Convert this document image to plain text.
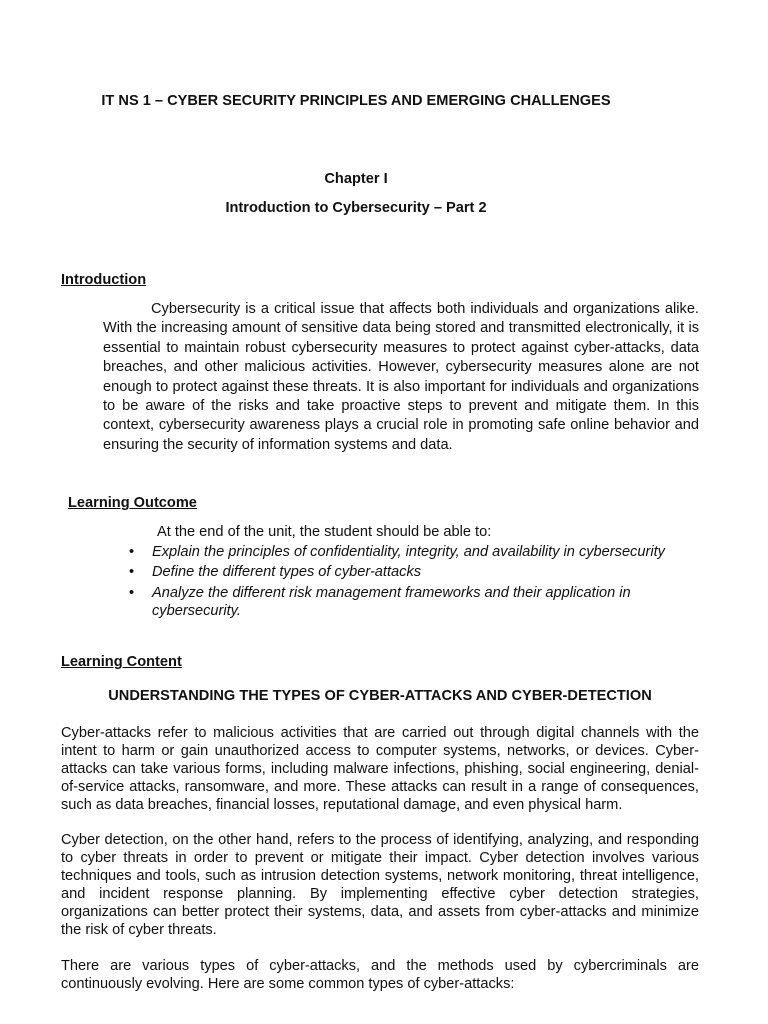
IT NS 1 – CYBER SECURITY PRINCIPLES AND EMERGING CHALLENGES
Chapter I
Introduction to Cybersecurity – Part 2
Introduction

Cybersecurity is a critical issue that affects both individuals and organizations alike. With the increasing amount of sensitive data being stored and transmitted electronically, it is essential to maintain robust cybersecurity measures to protect against cyber-attacks, data breaches, and other malicious activities. However, cybersecurity measures alone are not enough to protect against these threats. It is also important for individuals and organizations to be aware of the risks and take proactive steps to prevent and mitigate them. In this context, cybersecurity awareness plays a crucial role in promoting safe online behavior and ensuring the security of information systems and data.

Learning Outcome

At the end of the unit, the student should be able to:

• Explain the principles of confidentiality, integrity, and availability in cybersecurity
• Define the different types of cyber-attacks
• Analyze the different risk management frameworks and their application in cybersecurity.
Learning Content
UNDERSTANDING THE TYPES OF CYBER-ATTACKS AND CYBER-DETECTION

Cyber-attacks refer to malicious activities that are carried out through digital channels with the intent to harm or gain unauthorized access to computer systems, networks, or devices. Cyber-attacks can take various forms, including malware infections, phishing, social engineering, denial-of-service attacks, ransomware, and more. These attacks can result in a range of consequences, such as data breaches, financial losses, reputational damage, and even physical harm.

Cyber detection, on the other hand, refers to the process of identifying, analyzing, and responding to cyber threats in order to prevent or mitigate their impact. Cyber detection involves various techniques and tools, such as intrusion detection systems, network monitoring, threat intelligence, and incident response planning. By implementing effective cyber detection strategies, organizations can better protect their systems, data, and assets from cyber-attacks and minimize the risk of cyber threats.

There are various types of cyber-attacks, and the methods used by cybercriminals are continuously evolving. Here are some common types of cyber-attacks:
